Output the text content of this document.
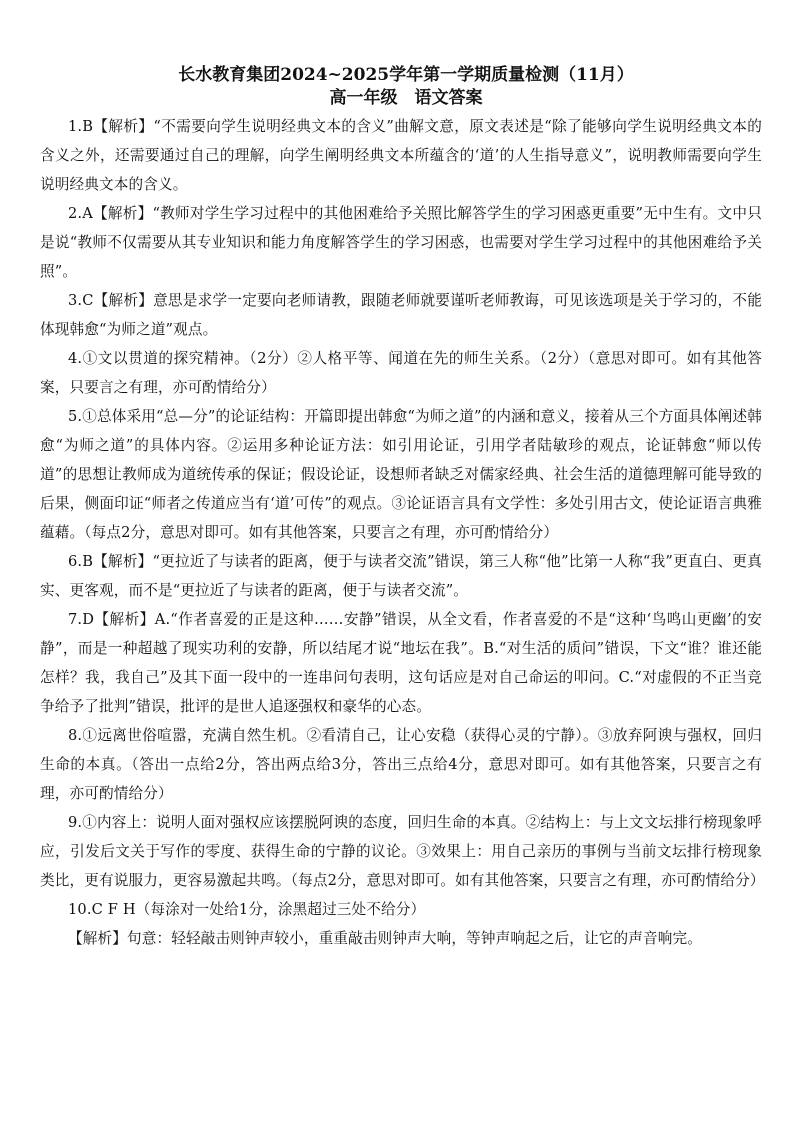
长水教育集团2024~2025学年第一学期质量检测（11月）
高一年级　语文答案

1.B【解析】“不需要向学生说明经典文本的含义”曲解文意，原文表述是“除了能够向学生说明经典文本的含义之外，还需要通过自己的理解，向学生阐明经典文本所蕴含的‘道’的人生指导意义”，说明教师需要向学生说明经典文本的含义。

2.A【解析】“教师对学生学习过程中的其他困难给予关照比解答学生的学习困惑更重要”无中生有。文中只是说“教师不仅需要从其专业知识和能力角度解答学生的学习困惑，也需要对学生学习过程中的其他困难给予关照”。

3.C【解析】意思是求学一定要向老师请教，跟随老师就要谨听老师教诲，可见该选项是关于学习的，不能体现韩愈“为师之道”观点。

4.①文以贯道的探究精神。（2分）②人格平等、闻道在先的师生关系。（2分）（意思对即可。如有其他答案，只要言之有理，亦可酌情给分）

5.①总体采用“总—分”的论证结构：开篇即提出韩愈“为师之道”的内涵和意义，接着从三个方面具体阐述韩愈“为师之道”的具体内容。②运用多种论证方法：如引用论证，引用学者陆敏珍的观点，论证韩愈“师以传道”的思想让教师成为道统传承的保证；假设论证，设想师者缺乏对儒家经典、社会生活的道德理解可能导致的后果，侧面印证“师者之传道应当有‘道’可传”的观点。③论证语言具有文学性：多处引用古文，使论证语言典雅蕴藉。（每点2分，意思对即可。如有其他答案，只要言之有理，亦可酌情给分）

6.B【解析】“更拉近了与读者的距离，便于与读者交流”错误，第三人称“他”比第一人称“我”更直白、更真实、更客观，而不是“更拉近了与读者的距离，便于与读者交流”。

7.D【解析】A.“作者喜爱的正是这种……安静”错误，从全文看，作者喜爱的不是“这种‘鸟鸣山更幽’的安静”，而是一种超越了现实功利的安静，所以结尾才说“地坛在我”。B.“对生活的质问”错误，下文“谁？谁还能怎样？我，我自己”及其下面一段中的一连串问句表明，这句话应是对自己命运的叩问。C.“对虚假的不正当竞争给予了批判”错误，批评的是世人追逐强权和豪华的心态。

8.①远离世俗喧嚣，充满自然生机。②看清自己，让心安稳（获得心灵的宁静）。③放弃阿谀与强权，回归生命的本真。（答出一点给2分，答出两点给3分，答出三点给4分，意思对即可。如有其他答案，只要言之有理，亦可酌情给分）

9.①内容上：说明人面对强权应该摆脱阿谀的态度，回归生命的本真。②结构上：与上文文坛排行榜现象呼应，引发后文关于写作的零度、获得生命的宁静的议论。③效果上：用自己亲历的事例与当前文坛排行榜现象类比，更有说服力，更容易激起共鸣。（每点2分，意思对即可。如有其他答案，只要言之有理，亦可酌情给分）

10.C F H（每涂对一处给1分，涂黑超过三处不给分）

【解析】句意：轻轻敲击则钟声较小，重重敲击则钟声大响，等钟声响起之后，让它的声音响完。
